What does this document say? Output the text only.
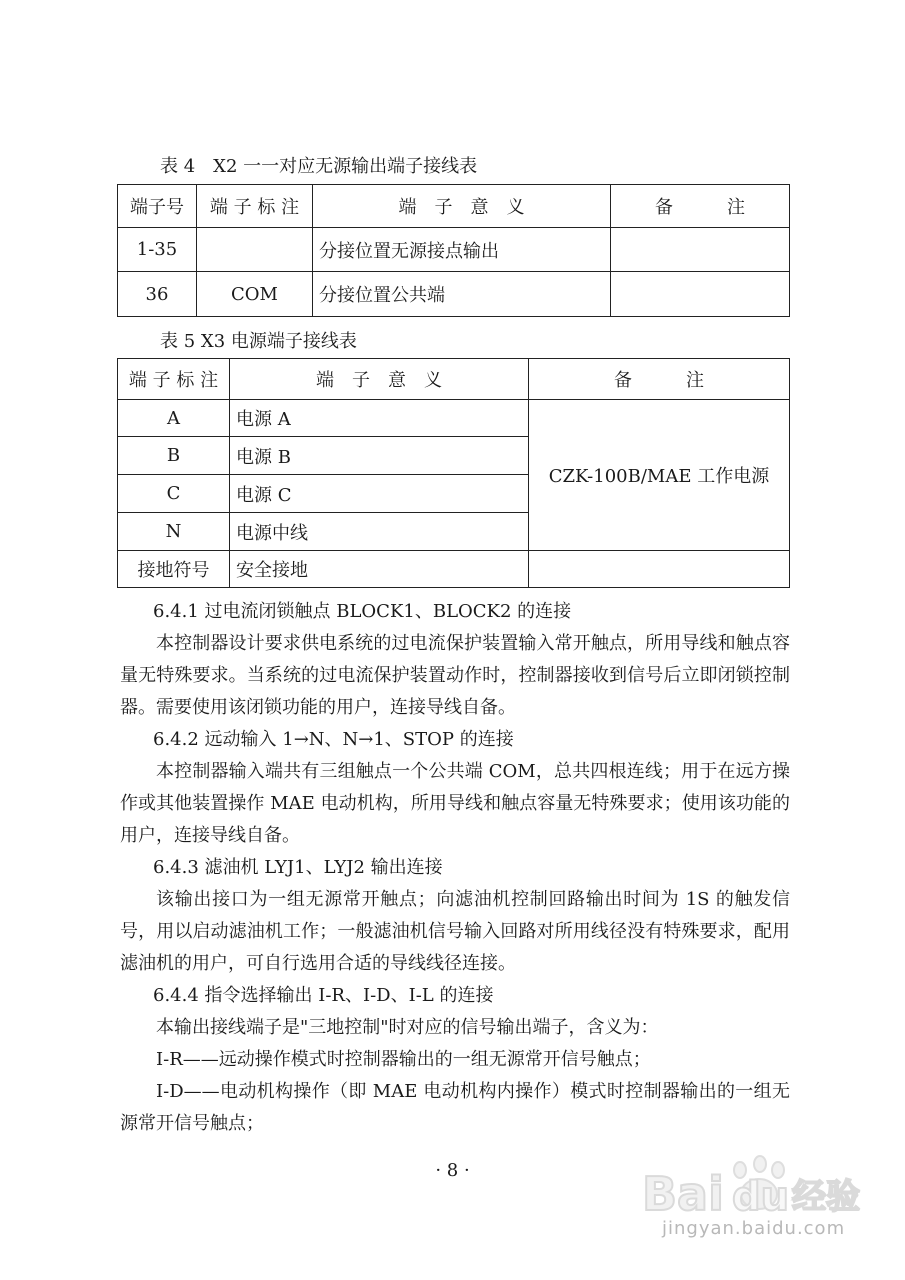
表 4　X2 一一对应无源输出端子接线表
端子号	端 子 标 注	端　子　意　义	备　　　注
1-35		分接位置无源接点输出	
36	COM	分接位置公共端	
表 5 X3 电源端子接线表
端 子 标 注	端　子　意　义	备　　　注
A	电源 A	CZK-100B/MAE 工作电源
B	电源 B	
C	电源 C	
N	电源中线	
接地符号	安全接地	
6.4.1 过电流闭锁触点 BLOCK1、BLOCK2 的连接
本控制器设计要求供电系统的过电流保护装置输入常开触点，所用导线和触点容量无特殊要求。当系统的过电流保护装置动作时，控制器接收到信号后立即闭锁控制器。需要使用该闭锁功能的用户，连接导线自备。
6.4.2 远动输入 1→N、N→1、STOP 的连接
本控制器输入端共有三组触点一个公共端 COM，总共四根连线；用于在远方操作或其他装置操作 MAE 电动机构，所用导线和触点容量无特殊要求；使用该功能的用户，连接导线自备。
6.4.3 滤油机 LYJ1、LYJ2 输出连接
该输出接口为一组无源常开触点；向滤油机控制回路输出时间为 1S 的触发信号，用以启动滤油机工作；一般滤油机信号输入回路对所用线径没有特殊要求，配用滤油机的用户，可自行选用合适的导线线径连接。
6.4.4 指令选择输出 I-R、I-D、I-L 的连接
本输出接线端子是"三地控制"时对应的信号输出端子，含义为：
I-R——远动操作模式时控制器输出的一组无源常开信号触点；
I-D——电动机构操作（即 MAE 电动机构内操作）模式时控制器输出的一组无源常开信号触点；
· 8 ·	Bai du 经验
jingyan.baidu.com
